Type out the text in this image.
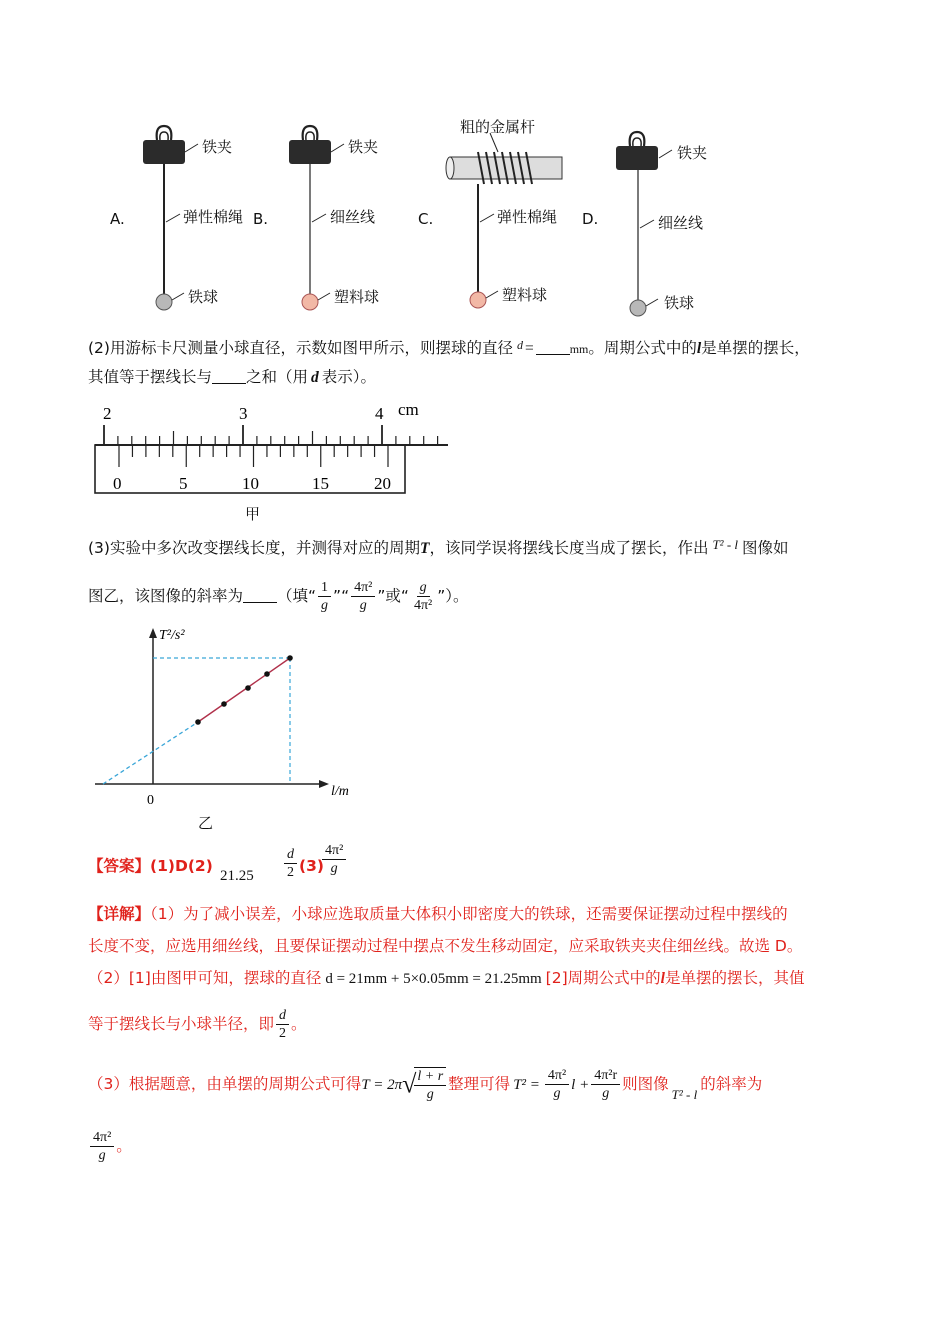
A.
铁夹
弹性棉绳
铁球
B.
铁夹
细丝线
塑料球
C.
粗的金属杆
弹性棉绳
塑料球
D.
铁夹
细丝线
铁球
(2)用游标卡尺测量小球直径，示数如图甲所示，则摆球的直径 $^d$ =	mm。周期公式中的l是单摆的摆长，
其值等于摆线长与 之和（用 d 表示）。
2	3	4 cm
0	5	10	15	20
甲
(3)实验中多次改变摆线长度，并测得对应的周期T，该同学误将摆线长度当成了摆长，作出 $^{T^2 - l}$ 图像如
图乙，该图像的斜率为 （填“ $\frac{1}{g}$ ”“ $\frac{\text{4π²}}{g}$ ”或“ $\frac{g}{\text{4π²}}$ ”）。
T²/s²
l/m
0
乙
【答案】(1)D(2)
$21.25 \frac{d}{2} (3)$
$\frac{\text{4π²}}{g}$
【详解】（1）为了减小误差，小球应选取质量大体积小即密度大的铁球，还需要保证摆动过程中摆线的
长度不变，应选用细丝线，且要保证摆动过程中摆点不发生移动固定，应采取铁夹夹住细丝线。故选 D。
（2）[1]由图甲可知，摆球的直径 d = 21mm + 5×0.05mm = 21.25mm [2]周期公式中的l是单摆的摆长，其值
等于摆线长与小球半径，即 $\frac{d}{2}$ 。
（3）根据题意，由单摆的周期公式可得T = 2π√
$\frac{l + r}{g}$ 整理可得 $T^2 = \frac{\text{4π²}}{g}$ $l + \frac{\text{4π²r}}{g}$ 则图像$_{T^2 - l}$的斜率为
$\frac{\text{4π²}}{g}$ 。
